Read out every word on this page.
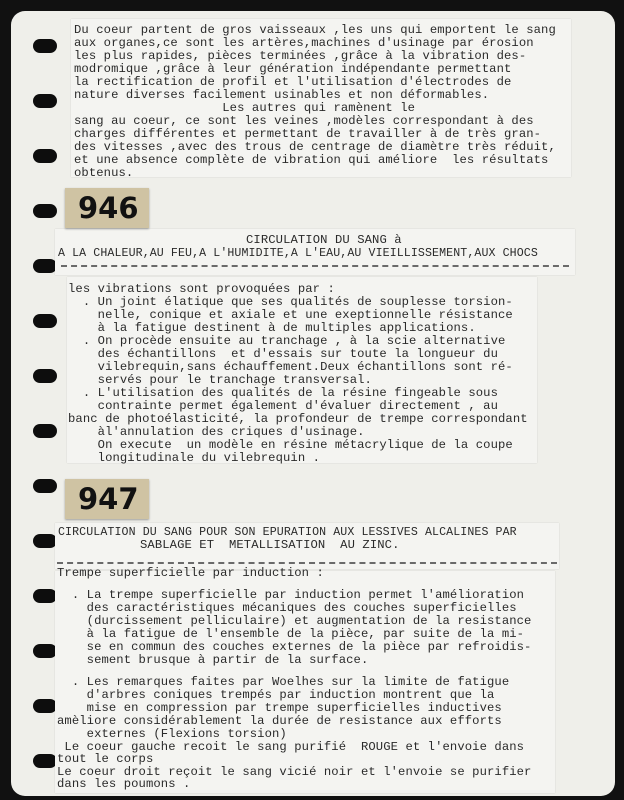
Du coeur partent de gros vaisseaux ,les uns qui emportent le sang
aux organes,ce sont les artères,machines d'usinage par érosion
les plus rapides, pièces terminées ,grâce à la vibration des-
modromique ,grâce à leur génération indépendante permettant
la rectification de profil et l'utilisation d'électrodes de
nature diverses facilement usinables et non déformables.
Les autres qui ramènent le
sang au coeur, ce sont les veines ,modèles correspondant à des
charges différentes et permettant de travailler à de très gran-
des vitesses ,avec des trous de centrage de diamètre très réduit,
et une absence complète de vibration qui améliore  les résultats
obtenus.
946
CIRCULATION DU SANG à
A LA CHALEUR,AU FEU,A L'HUMIDITE,A L'EAU,AU VIEILLISSEMENT,AUX CHOCS
les vibrations sont provoquées par :
. Un joint élatique que ses qualités de souplesse torsion-
nelle, conique et axiale et une exeptionnelle résistance
à la fatigue destinent à de multiples applications.
. On procède ensuite au tranchage , à la scie alternative
des échantillons  et d'essais sur toute la longueur du
vilebrequin,sans échauffement.Deux échantillons sont ré-
servés pour le tranchage transversal.
. L'utilisation des qualités de la résine fingeable sous
contrainte permet également d'évaluer directement , au
banc de photoélasticité, la profondeur de trempe correspondant
àl'annulation des criques d'usinage.
On execute  un modèle en résine métacrylique de la coupe
longitudinale du vilebrequin .
947
CIRCULATION DU SANG POUR SON EPURATION AUX LESSIVES ALCALINES PAR
SABLAGE ET  METALLISATION  AU ZINC.
Trempe superficielle par induction :
. La trempe superficielle par induction permet l'amélioration
des caractéristiques mécaniques des couches superficielles
(durcissement pelliculaire) et augmentation de la resistance
à la fatigue de l'ensemble de la pièce, par suite de la mi-
se en commun des couches externes de la pièce par refroidis-
sement brusque à partir de la surface.
. Les remarques faites par Woelhes sur la limite de fatigue
d'arbres coniques trempés par induction montrent que la
mise en compression par trempe superficielles inductives
amèliore considérablement la durée de resistance aux efforts
externes (Flexions torsion)
Le coeur gauche recoit le sang purifié  ROUGE et l'envoie dans
tout le corps
Le coeur droit reçoit le sang vicié noir et l'envoie se purifier
dans les poumons .
